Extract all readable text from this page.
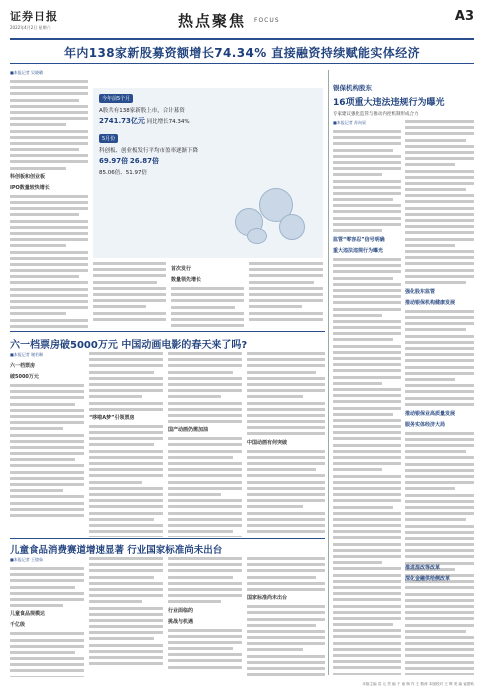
证券日报
2022年4月2日 星期六	热点聚焦 FOCUS	A3
年内138家新股募资额增长74.34% 直接融资持续赋能实体经济
■本报记者 吴晓璐
科创板和创业板
IPO数量较快增长
今年前5个月
A股共有138家新股上市，合计募资
2741.73亿元 同比增长74.34%
5月份
科创板、创业板发行平均市盈率逐渐下降
69.97倍 26.87倍
85.06倍、51.97倍
首次发行
数量领先增长
银保机构股东
16项重大违法违规行为曝光
专家建议强化监管与推动内控机制形成合力
■本报记者 苏向杲
监管“零容忍”信号明确
重大违法违规行为曝光
强化股东监管
推动银保机构健康发展
推动银保业高质量发展
服务实体经济大局
六一档票房破5000万元 中国动画电影的春天来了吗?
■本报记者 谢若琳
六一档票房
破5000万元
“哆啦A梦”引领票房
国产动画仍需加油
中国动画有何突破
儿童食品消费赛道增速显著 行业国家标准尚未出台
■本报记者 王镜茹
儿童食品规模达
千亿级
行业面临的
挑战与机遇
国家标准尚未出台
推进混改等改革
深化金融供给侧改革
本版主编 袁 元 责 编 于 南 制 作 王 敬涛 本版校对 王 辉 美 编 崔建岐
